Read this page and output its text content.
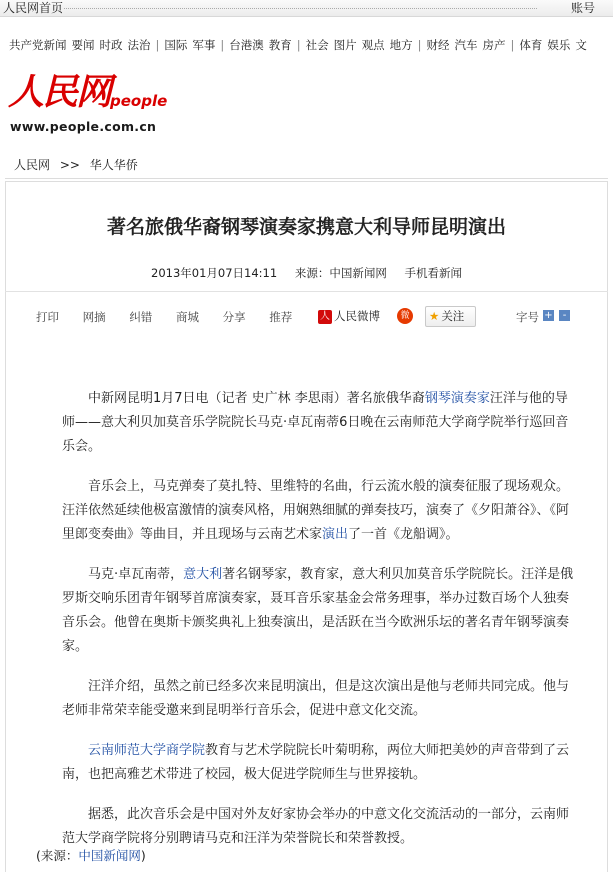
人民网首页	账号
共产党新闻 要闻 时政 法治 | 国际 军事 | 台港澳 教育 | 社会 图片 观点 地方 | 财经 汽车 房产 | 体育 娱乐 文
人民网 people
www.people.com.cn
人民网 >> 华人华侨
著名旅俄华裔钢琴演奏家携意大利导师昆明演出
2013年01月07日14:11 来源：中国新闻网 手机看新闻
打印 网摘 纠错 商城 分享 推荐	人 人民微博	微	★ 关注	字号 +	-

中新网昆明1月7日电（记者 史广林 李思雨）著名旅俄华裔钢琴演奏家汪洋与他的导师——意大利贝加莫音乐学院院长马克·卓瓦南蒂6日晚在云南师范大学商学院举行巡回音乐会。

音乐会上，马克弹奏了莫扎特、里维特的名曲，行云流水般的演奏征服了现场观众。汪洋依然延续他极富激情的演奏风格，用娴熟细腻的弹奏技巧，演奏了《夕阳萧谷》、《阿里郎变奏曲》等曲目，并且现场与云南艺术家演出了一首《龙船调》。

马克·卓瓦南蒂，意大利著名钢琴家，教育家，意大利贝加莫音乐学院院长。汪洋是俄罗斯交响乐团青年钢琴首席演奏家，聂耳音乐家基金会常务理事，举办过数百场个人独奏音乐会。他曾在奥斯卡颁奖典礼上独奏演出，是活跃在当今欧洲乐坛的著名青年钢琴演奏家。

汪洋介绍，虽然之前已经多次来昆明演出，但是这次演出是他与老师共同完成。他与老师非常荣幸能受邀来到昆明举行音乐会，促进中意文化交流。

云南师范大学商学院教育与艺术学院院长叶菊明称，两位大师把美妙的声音带到了云南，也把高雅艺术带进了校园，极大促进学院师生与世界接轨。

据悉，此次音乐会是中国对外友好家协会举办的中意文化交流活动的一部分，云南师范大学商学院将分别聘请马克和汪洋为荣誉院长和荣誉教授。

(来源：中国新闻网)
